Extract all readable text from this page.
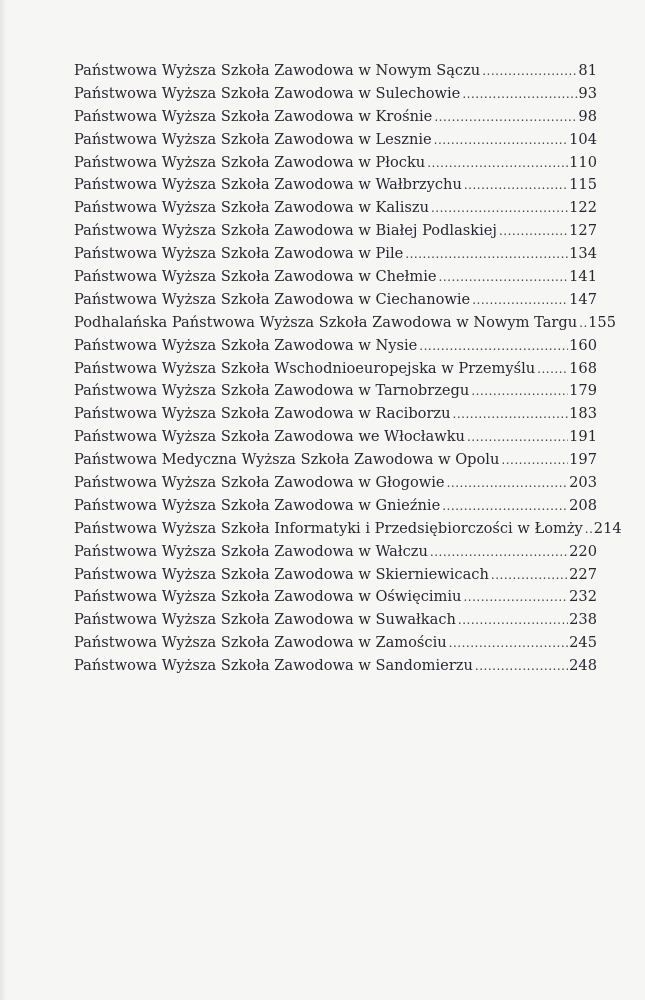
Państwowa Wyższa Szkoła Zawodowa w Nowym Sączu .....	81
Państwowa Wyższa Szkoła Zawodowa w Sulechowie .....	93
Państwowa Wyższa Szkoła Zawodowa w Krośnie .....	98
Państwowa Wyższa Szkoła Zawodowa w Lesznie .....	104
Państwowa Wyższa Szkoła Zawodowa w Płocku .....	110
Państwowa Wyższa Szkoła Zawodowa w Wałbrzychu .....	115
Państwowa Wyższa Szkoła Zawodowa w Kaliszu .....	122
Państwowa Wyższa Szkoła Zawodowa w Białej Podlaskiej .....	127
Państwowa Wyższa Szkoła Zawodowa w Pile .....	134
Państwowa Wyższa Szkoła Zawodowa w Chełmie .....	141
Państwowa Wyższa Szkoła Zawodowa w Ciechanowie .....	147
Podhalańska Państwowa Wyższa Szkoła Zawodowa w Nowym Targu ..... 155
Państwowa Wyższa Szkoła Zawodowa w Nysie .....	160
Państwowa Wyższa Szkoła Wschodnioeuropejska w Przemyślu ..... 168
Państwowa Wyższa Szkoła Zawodowa w Tarnobrzegu .....	179
Państwowa Wyższa Szkoła Zawodowa w Raciborzu .....	183
Państwowa Wyższa Szkoła Zawodowa we Włocławku .....	191
Państwowa Medyczna Wyższa Szkoła Zawodowa w Opolu .....	197
Państwowa Wyższa Szkoła Zawodowa w Głogowie .....	203
Państwowa Wyższa Szkoła Zawodowa w Gnieźnie .....	208
Państwowa Wyższa Szkoła Informatyki i Przedsiębiorczości w Łomży ..... 214
Państwowa Wyższa Szkoła Zawodowa w Wałczu .....	220
Państwowa Wyższa Szkoła Zawodowa w Skierniewicach .....	227
Państwowa Wyższa Szkoła Zawodowa w Oświęcimiu .....	232
Państwowa Wyższa Szkoła Zawodowa w Suwałkach .....	238
Państwowa Wyższa Szkoła Zawodowa w Zamościu .....	245
Państwowa Wyższa Szkoła Zawodowa w Sandomierzu .....	248
